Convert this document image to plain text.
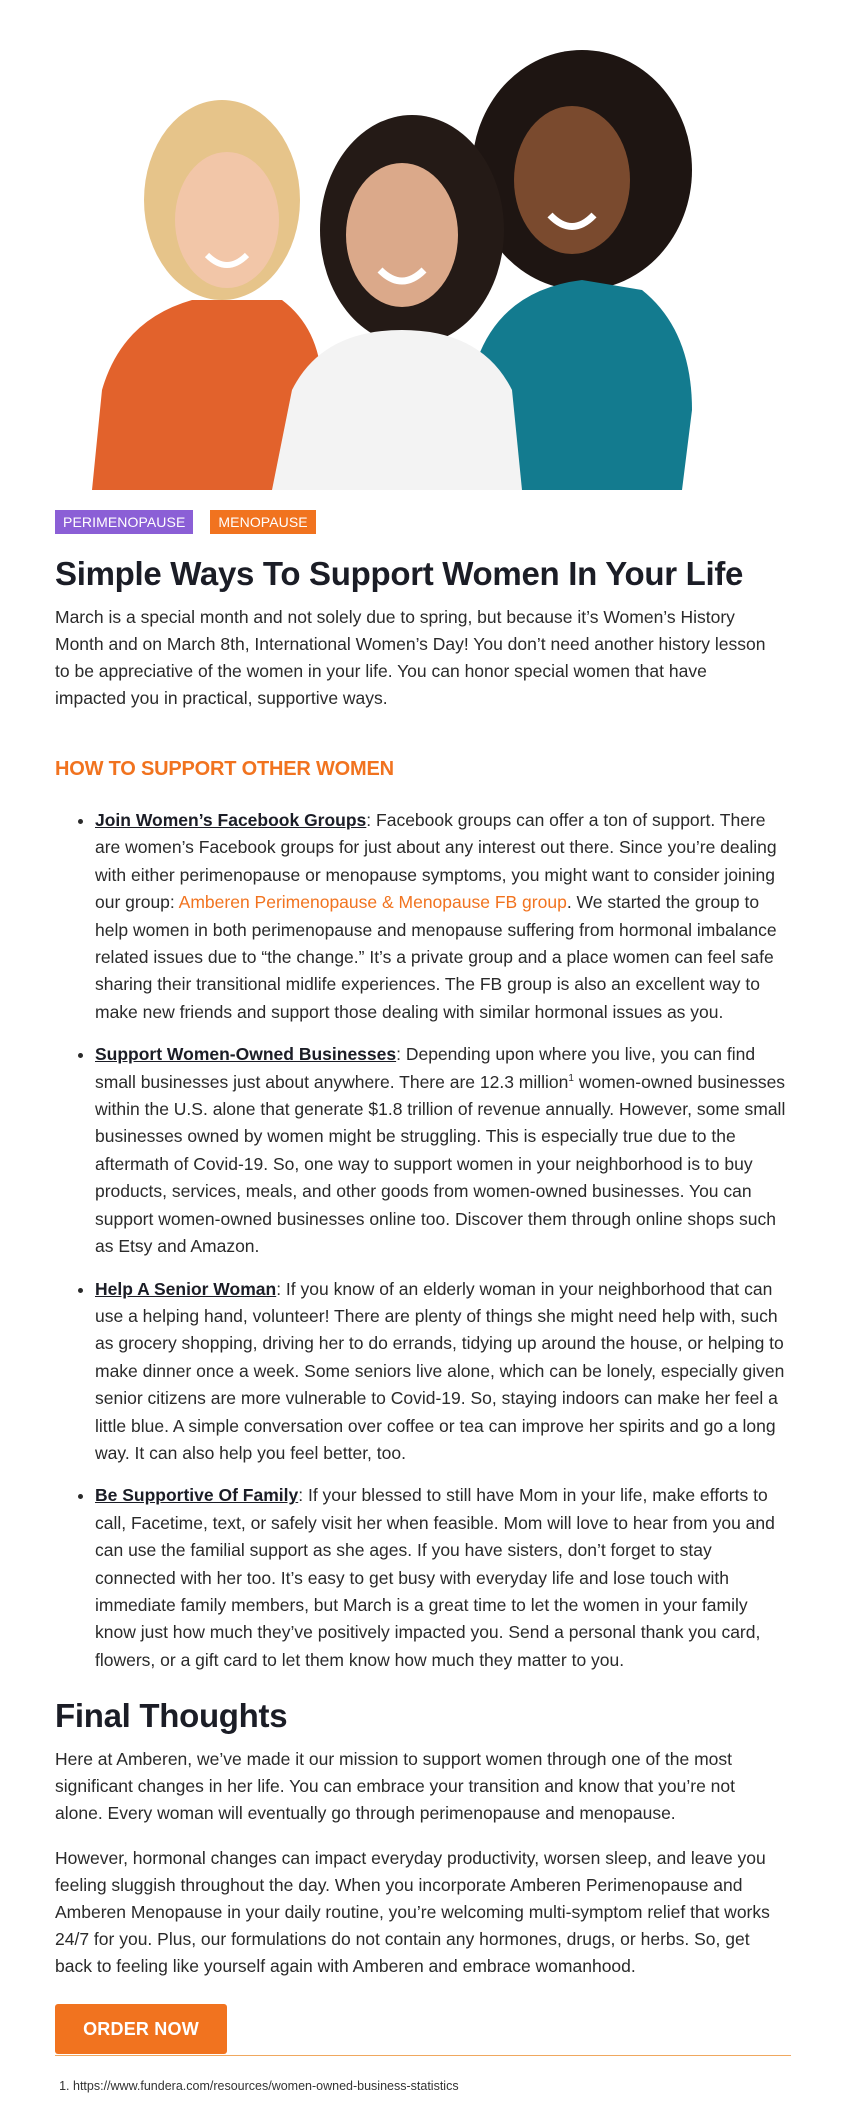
PERIMENOPAUSE	MENOPAUSE
Simple Ways To Support Women In Your Life

March is a special month and not solely due to spring, but because it’s Women’s History Month and on March 8th, International Women’s Day! You don’t need another history lesson to be appreciative of the women in your life. You can honor special women that have impacted you in practical, supportive ways.

HOW TO SUPPORT OTHER WOMEN
• Join Women’s Facebook Groups: Facebook groups can offer a ton of support. There are women’s Facebook groups for just about any interest out there. Since you’re dealing with either perimenopause or menopause symptoms, you might want to consider joining our group: Amberen Perimenopause & Menopause FB group. We started the group to help women in both perimenopause and menopause suffering from hormonal imbalance related issues due to “the change.” It’s a private group and a place women can feel safe sharing their transitional midlife experiences. The FB group is also an excellent way to make new friends and support those dealing with similar hormonal issues as you.
• Support Women-Owned Businesses: Depending upon where you live, you can find small businesses just about anywhere. There are 12.3 million$^1$ women-owned businesses within the U.S. alone that generate $1.8 trillion of revenue annually. However, some small businesses owned by women might be struggling. This is especially true due to the aftermath of Covid-19. So, one way to support women in your neighborhood is to buy products, services, meals, and other goods from women-owned businesses. You can support women-owned businesses online too. Discover them through online shops such as Etsy and Amazon.
• Help A Senior Woman: If you know of an elderly woman in your neighborhood that can use a helping hand, volunteer! There are plenty of things she might need help with, such as grocery shopping, driving her to do errands, tidying up around the house, or helping to make dinner once a week. Some seniors live alone, which can be lonely, especially given senior citizens are more vulnerable to Covid-19. So, staying indoors can make her feel a little blue. A simple conversation over coffee or tea can improve her spirits and go a long way. It can also help you feel better, too.
• Be Supportive Of Family: If your blessed to still have Mom in your life, make efforts to call, Facetime, text, or safely visit her when feasible. Mom will love to hear from you and can use the familial support as she ages. If you have sisters, don’t forget to stay connected with her too. It’s easy to get busy with everyday life and lose touch with immediate family members, but March is a great time to let the women in your family know just how much they’ve positively impacted you. Send a personal thank you card, flowers, or a gift card to let them know how much they matter to you.
Final Thoughts

Here at Amberen, we’ve made it our mission to support women through one of the most significant changes in her life. You can embrace your transition and know that you’re not alone. Every woman will eventually go through perimenopause and menopause.

However, hormonal changes can impact everyday productivity, worsen sleep, and leave you feeling sluggish throughout the day. When you incorporate Amberen Perimenopause and Amberen Menopause in your daily routine, you’re welcoming multi-symptom relief that works 24/7 for you. Plus, our formulations do not contain any hormones, drugs, or herbs. So, get back to feeling like yourself again with Amberen and embrace womanhood.

ORDER NOW
1. https://www.fundera.com/resources/women-owned-business-statistics
